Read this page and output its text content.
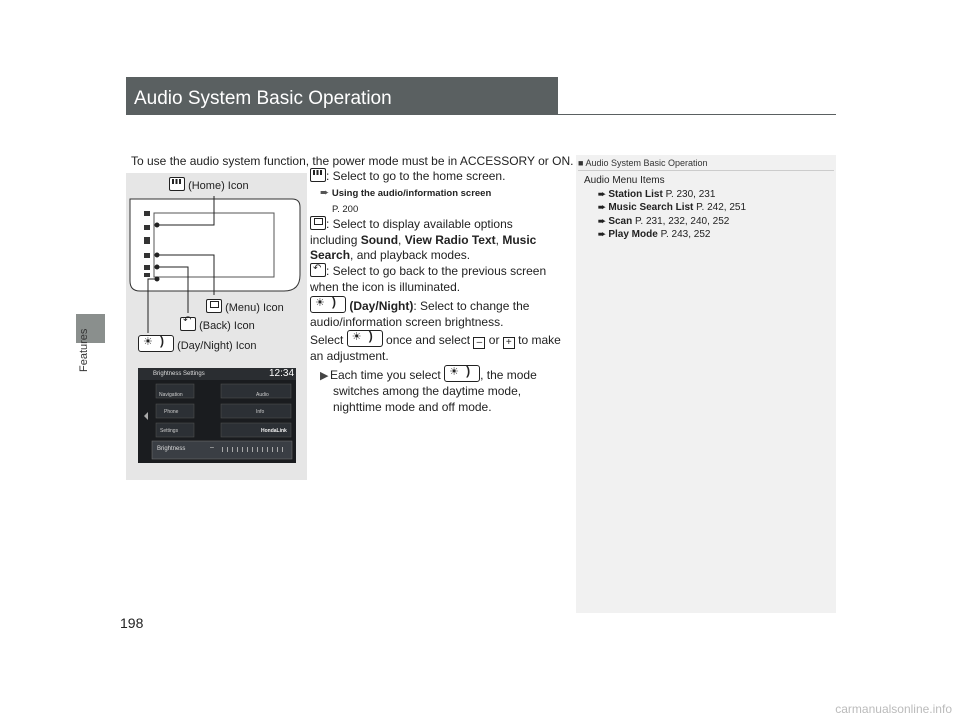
Features
198
Audio System Basic Operation
To use the audio system function, the power mode must be in ACCESSORY or ON.
Brightness Settings	12:34
Navigation	Audio
Phone	Info
Settings	HondaLink
Brightness	–
(Home) Icon
(Menu) Icon
↶ (Back) Icon
☀ ) (Day/Night) Icon
: Select to go to the home screen.
➨ Using the audio/information screen
P. 200
: Select to display available options
including Sound, View Radio Text, Music
Search, and playback modes.
↶: Select to go back to the previous screen
when the icon is illuminated.
☀ ) (Day/Night): Select to change the
audio/information screen brightness.
Select ☀ )	once and select – or + to make
an adjustment.
▶ Each time you select ☀ )	, the mode
switches among the daytime mode,
nighttime mode and off mode.
■ Audio System Basic Operation
Audio Menu Items
➨ Station List P. 230, 231
➨ Music Search List P. 242, 251
➨ Scan P. 231, 232, 240, 252
➨ Play Mode P. 243, 252
carmanualsonline.info
